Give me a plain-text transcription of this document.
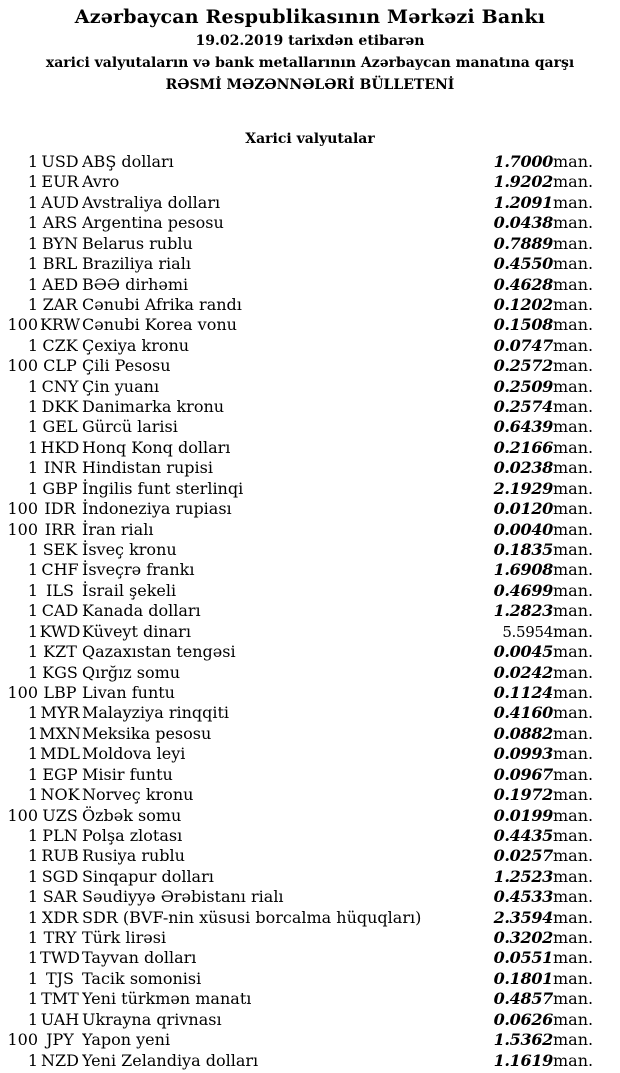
Azərbaycan Respublikasının Mərkəzi Bankı
19.02.2019 tarixdən etibarən
xarici valyutaların və bank metallarının Azərbaycan manatına qarşı
RƏSMİ MƏZƏNNƏLƏRİ BÜLLETENİ
Xarici valyutalar
1	USD	ABŞ dolları	1.7000	man.
1	EUR	Avro	1.9202	man.
1	AUD	Avstraliya dolları	1.2091	man.
1	ARS	Argentina pesosu	0.0438	man.
1	BYN	Belarus rublu	0.7889	man.
1	BRL	Braziliya rialı	0.4550	man.
1	AED	BƏƏ dirhəmi	0.4628	man.
1	ZAR	Cənubi Afrika randı	0.1202	man.
100	KRW	Cənubi Korea vonu	0.1508	man.
1	CZK	Çexiya kronu	0.0747	man.
100	CLP	Çili Pesosu	0.2572	man.
1	CNY	Çin yuanı	0.2509	man.
1	DKK	Danimarka kronu	0.2574	man.
1	GEL	Gürcü larisi	0.6439	man.
1	HKD	Honq Konq dolları	0.2166	man.
1	INR	Hindistan rupisi	0.0238	man.
1	GBP	İngilis funt sterlinqi	2.1929	man.
100	IDR	İndoneziya rupiası	0.0120	man.
100	IRR	İran rialı	0.0040	man.
1	SEK	İsveç kronu	0.1835	man.
1	CHF	İsveçrə frankı	1.6908	man.
1	ILS	İsrail şekeli	0.4699	man.
1	CAD	Kanada dolları	1.2823	man.
1	KWD	Küveyt dinarı	5.5954	man.
1	KZT	Qazaxıstan tengəsi	0.0045	man.
1	KGS	Qırğız somu	0.0242	man.
100	LBP	Livan funtu	0.1124	man.
1	MYR	Malayziya rinqqiti	0.4160	man.
1	MXN	Meksika pesosu	0.0882	man.
1	MDL	Moldova leyi	0.0993	man.
1	EGP	Misir funtu	0.0967	man.
1	NOK	Norveç kronu	0.1972	man.
100	UZS	Özbək somu	0.0199	man.
1	PLN	Polşa zlotası	0.4435	man.
1	RUB	Rusiya rublu	0.0257	man.
1	SGD	Sinqapur dolları	1.2523	man.
1	SAR	Səudiyyə Ərəbistanı rialı	0.4533	man.
1	XDR	SDR (BVF-nin xüsusi borcalma hüquqları)	2.3594	man.
1	TRY	Türk lirəsi	0.3202	man.
1	TWD	Tayvan dolları	0.0551	man.
1	TJS	Tacik somonisi	0.1801	man.
1	TMT	Yeni türkmən manatı	0.4857	man.
1	UAH	Ukrayna qrivnası	0.0626	man.
100	JPY	Yapon yeni	1.5362	man.
1	NZD	Yeni Zelandiya dolları	1.1619	man.
